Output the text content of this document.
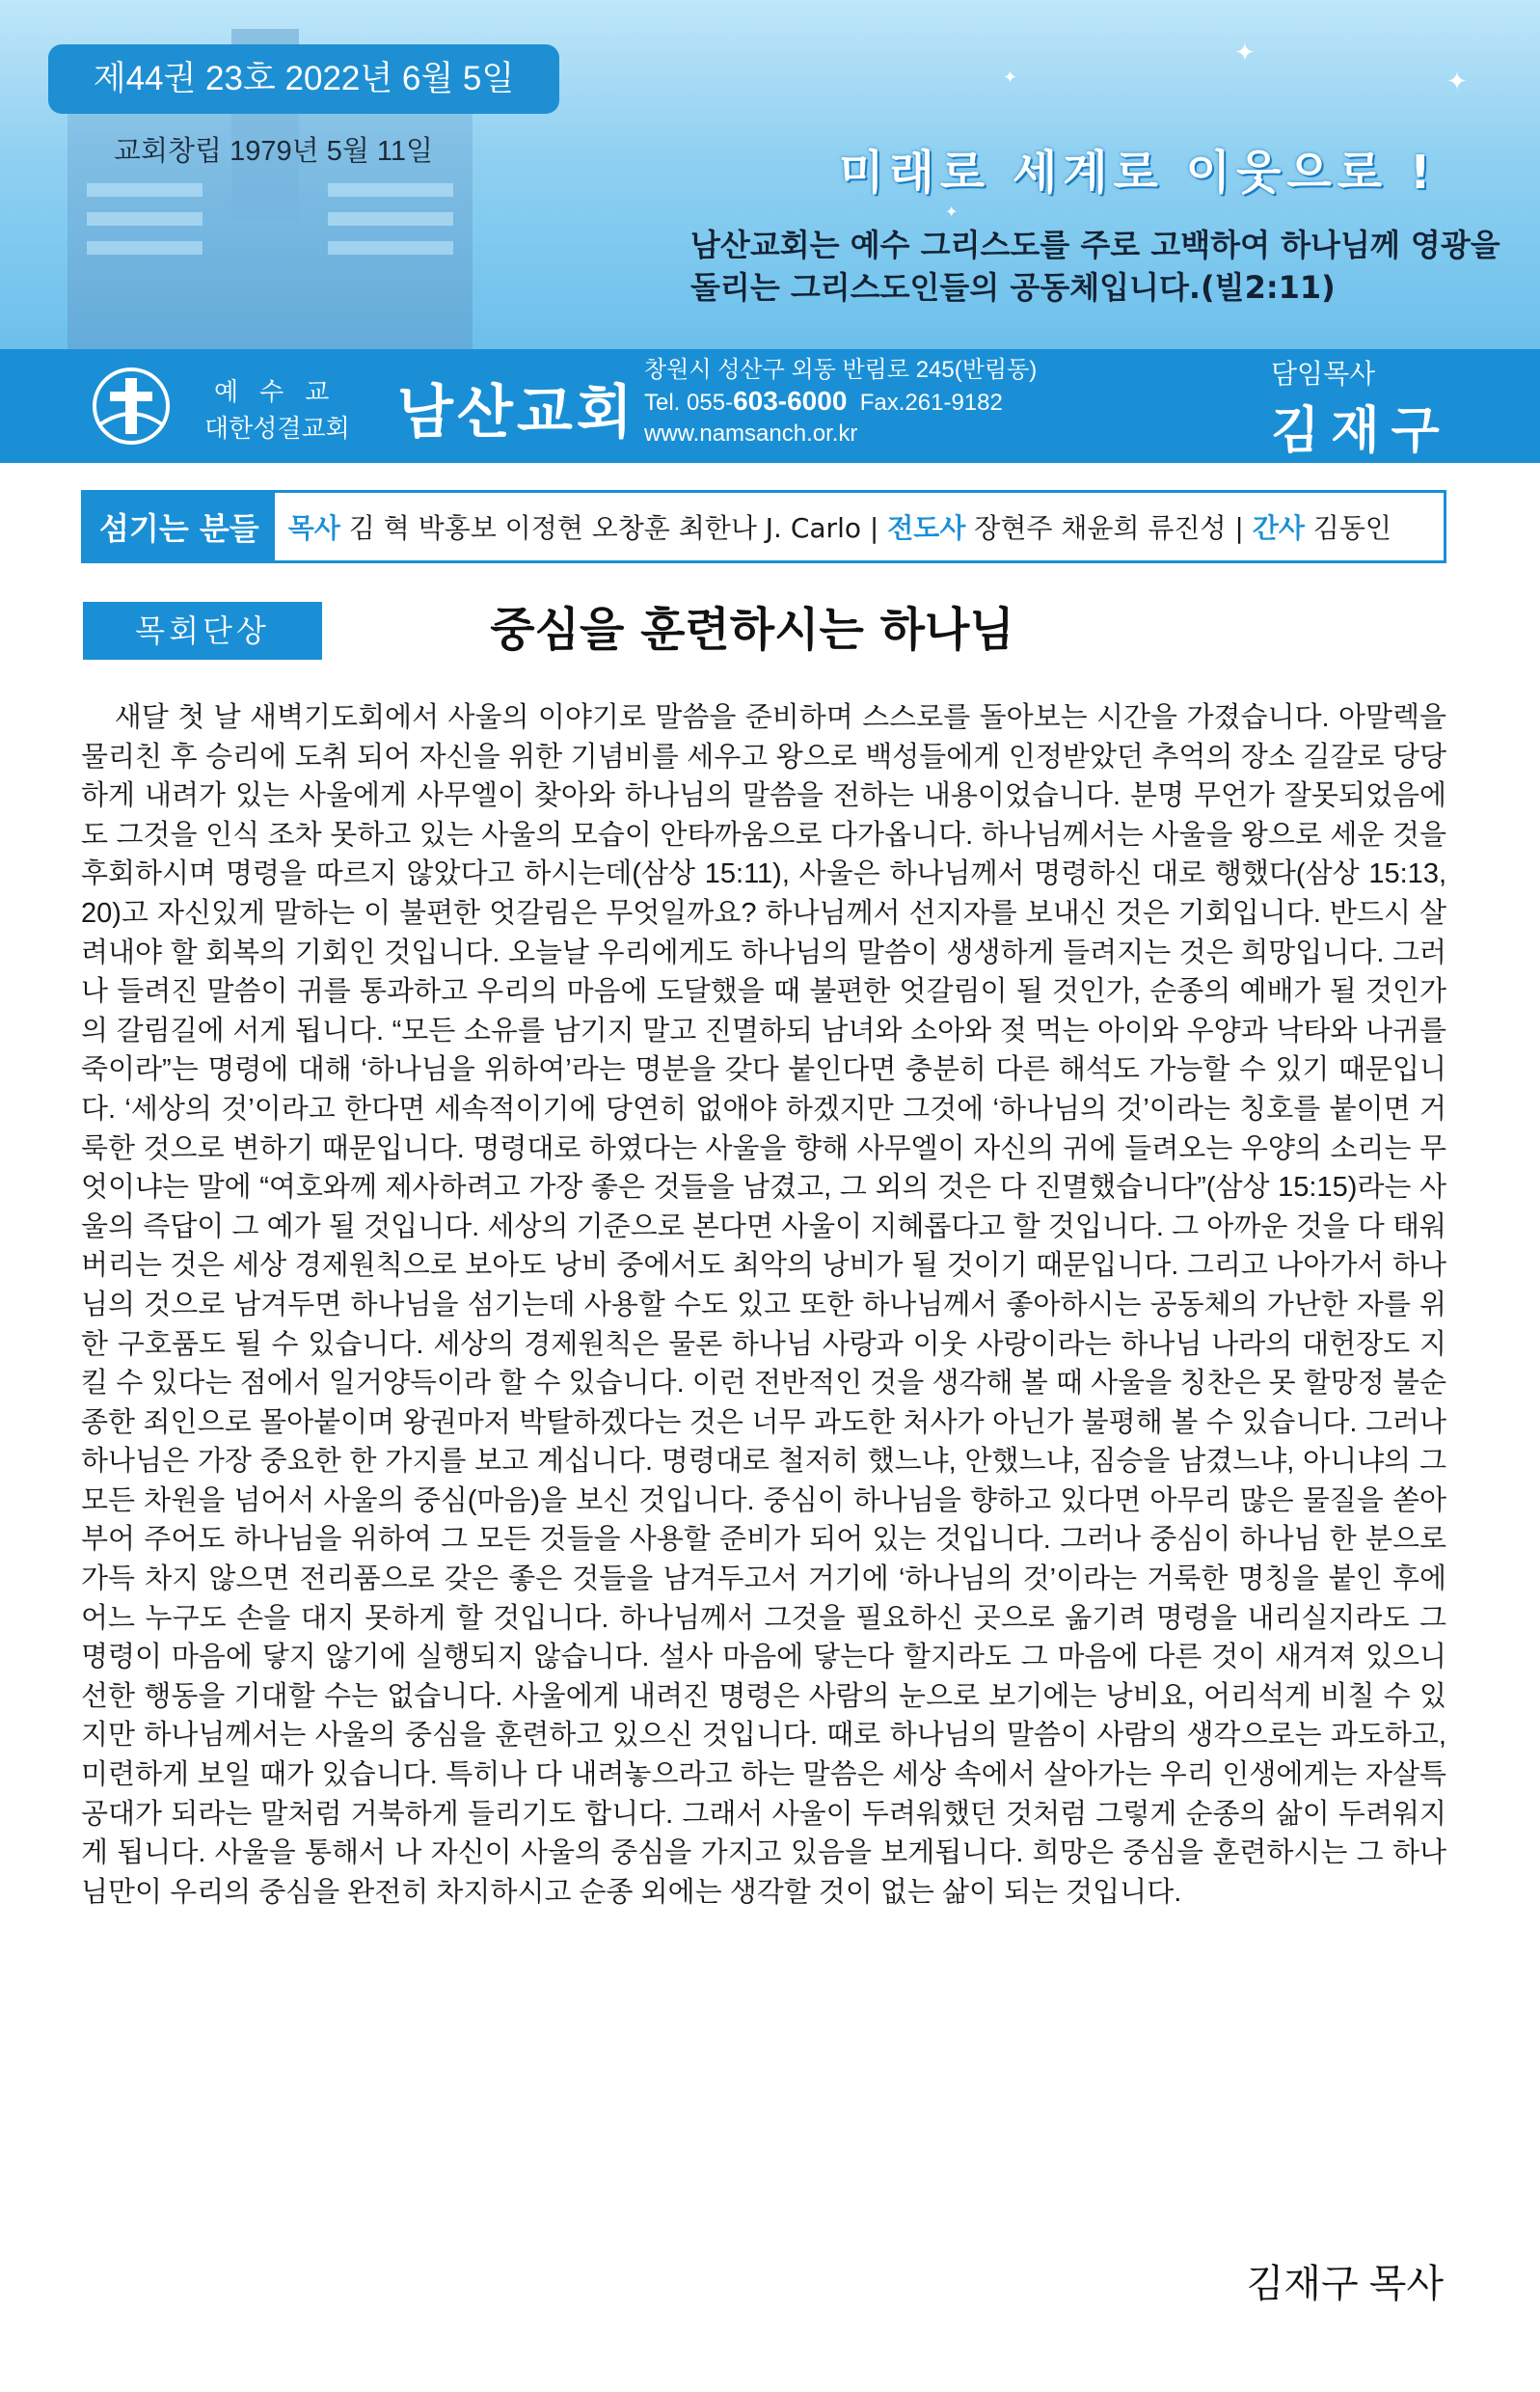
✦
✦
✦
✦
제44권 23호 2022년 6월 5일
교회창립 1979년 5월 11일	미래로 세계로 이웃으로 !
남산교회는 예수 그리스도를 주로 고백하여 하나님께 영광을 돌리는 그리스도인들의 공동체입니다.(빌2:11)
예수교
대한성결교회 남산교회
창원시 성산구 외동 반림로 245(반림동)
Tel. 055-603-6000 Fax.261-9182
www.namsanch.or.kr
담임목사
김재구
섬기는 분들	목사 김 혁 박홍보 이정현 오창훈 최한나 J. Carlo | 전도사 장현주 채윤희 류진성 | 간사 김동인
목회단상	중심을 훈련하시는 하나님

새달 첫 날 새벽기도회에서 사울의 이야기로 말씀을 준비하며 스스로를 돌아보는 시간을 가졌습니다. 아말렉을 물리친 후 승리에 도취 되어 자신을 위한 기념비를 세우고 왕으로 백성들에게 인정받았던 추억의 장소 길갈로 당당하게 내려가 있는 사울에게 사무엘이 찾아와 하나님의 말씀을 전하는 내용이었습니다. 분명 무언가 잘못되었음에도 그것을 인식 조차 못하고 있는 사울의 모습이 안타까움으로 다가옵니다. 하나님께서는 사울을 왕으로 세운 것을 후회하시며 명령을 따르지 않았다고 하시는데(삼상 15:11), 사울은 하나님께서 명령하신 대로 행했다(삼상 15:13, 20)고 자신있게 말하는 이 불편한 엇갈림은 무엇일까요? 하나님께서 선지자를 보내신 것은 기회입니다. 반드시 살려내야 할 회복의 기회인 것입니다. 오늘날 우리에게도 하나님의 말씀이 생생하게 들려지는 것은 희망입니다. 그러나 들려진 말씀이 귀를 통과하고 우리의 마음에 도달했을 때 불편한 엇갈림이 될 것인가, 순종의 예배가 될 것인가의 갈림길에 서게 됩니다. “모든 소유를 남기지 말고 진멸하되 남녀와 소아와 젖 먹는 아이와 우양과 낙타와 나귀를 죽이라”는 명령에 대해 ‘하나님을 위하여’라는 명분을 갖다 붙인다면 충분히 다른 해석도 가능할 수 있기 때문입니다. ‘세상의 것’이라고 한다면 세속적이기에 당연히 없애야 하겠지만 그것에 ‘하나님의 것’이라는 칭호를 붙이면 거룩한 것으로 변하기 때문입니다. 명령대로 하였다는 사울을 향해 사무엘이 자신의 귀에 들려오는 우양의 소리는 무엇이냐는 말에 “여호와께 제사하려고 가장 좋은 것들을 남겼고, 그 외의 것은 다 진멸했습니다”(삼상 15:15)라는 사울의 즉답이 그 예가 될 것입니다. 세상의 기준으로 본다면 사울이 지혜롭다고 할 것입니다. 그 아까운 것을 다 태워버리는 것은 세상 경제원칙으로 보아도 낭비 중에서도 최악의 낭비가 될 것이기 때문입니다. 그리고 나아가서 하나님의 것으로 남겨두면 하나님을 섬기는데 사용할 수도 있고 또한 하나님께서 좋아하시는 공동체의 가난한 자를 위한 구호품도 될 수 있습니다. 세상의 경제원칙은 물론 하나님 사랑과 이웃 사랑이라는 하나님 나라의 대헌장도 지킬 수 있다는 점에서 일거양득이라 할 수 있습니다. 이런 전반적인 것을 생각해 볼 때 사울을 칭찬은 못 할망정 불순종한 죄인으로 몰아붙이며 왕권마저 박탈하겠다는 것은 너무 과도한 처사가 아닌가 불평해 볼 수 있습니다. 그러나 하나님은 가장 중요한 한 가지를 보고 계십니다. 명령대로 철저히 했느냐, 안했느냐, 짐승을 남겼느냐, 아니냐의 그 모든 차원을 넘어서 사울의 중심(마음)을 보신 것입니다. 중심이 하나님을 향하고 있다면 아무리 많은 물질을 쏟아부어 주어도 하나님을 위하여 그 모든 것들을 사용할 준비가 되어 있는 것입니다. 그러나 중심이 하나님 한 분으로 가득 차지 않으면 전리품으로 갖은 좋은 것들을 남겨두고서 거기에 ‘하나님의 것’이라는 거룩한 명칭을 붙인 후에 어느 누구도 손을 대지 못하게 할 것입니다. 하나님께서 그것을 필요하신 곳으로 옮기려 명령을 내리실지라도 그 명령이 마음에 닿지 않기에 실행되지 않습니다. 설사 마음에 닿는다 할지라도 그 마음에 다른 것이 새겨져 있으니 선한 행동을 기대할 수는 없습니다. 사울에게 내려진 명령은 사람의 눈으로 보기에는 낭비요, 어리석게 비칠 수 있지만 하나님께서는 사울의 중심을 훈련하고 있으신 것입니다. 때로 하나님의 말씀이 사람의 생각으로는 과도하고, 미련하게 보일 때가 있습니다. 특히나 다 내려놓으라고 하는 말씀은 세상 속에서 살아가는 우리 인생에게는 자살특공대가 되라는 말처럼 거북하게 들리기도 합니다. 그래서 사울이 두려워했던 것처럼 그렇게 순종의 삶이 두려워지게 됩니다. 사울을 통해서 나 자신이 사울의 중심을 가지고 있음을 보게됩니다. 희망은 중심을 훈련하시는 그 하나님만이 우리의 중심을 완전히 차지하시고 순종 외에는 생각할 것이 없는 삶이 되는 것입니다.

김재구 목사
